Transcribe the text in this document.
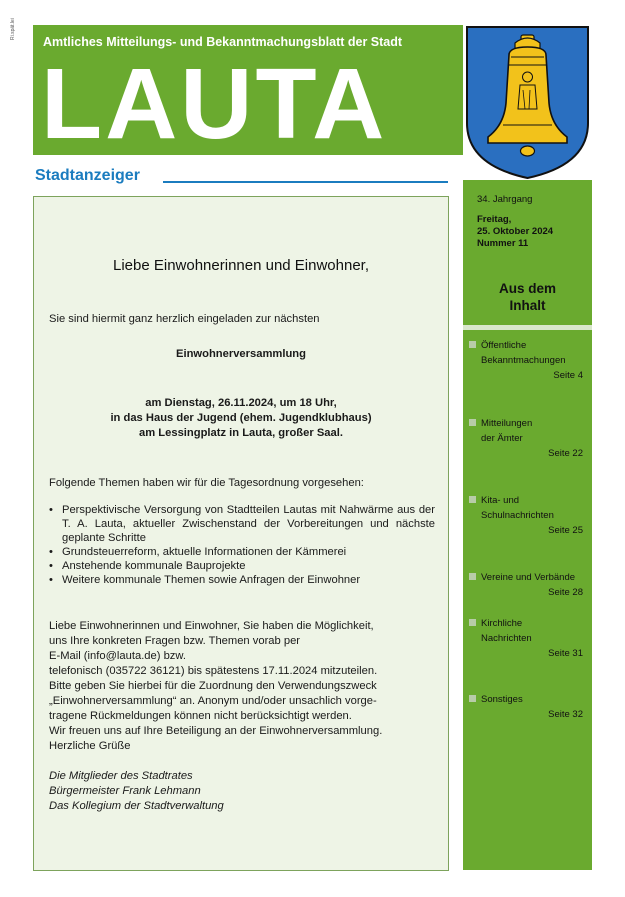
Ri.spät.lei
Amtliches Mitteilungs- und Bekanntmachungsblatt der Stadt
LAUTA
34. Jahrgang
Freitag,
25. Oktober 2024
Nummer 11
Aus dem
Inhalt
Öffentliche
Bekanntmachungen
Seite 4
Mitteilungen
der Ämter
Seite 22
Kita- und
Schulnachrichten
Seite 25
Vereine und Verbände
Seite 28
Kirchliche
Nachrichten
Seite 31
Sonstiges
Seite 32
Stadtanzeiger
Liebe Einwohnerinnen und Einwohner,

Sie sind hiermit ganz herzlich eingeladen zur nächsten

Einwohnerversammlung

am Dienstag, 26.11.2024, um 18 Uhr,

in das Haus der Jugend (ehem. Jugendklubhaus)

am Lessingplatz in Lauta, großer Saal.

Folgende Themen haben wir für die Tagesordnung vorgesehen:

• Perspektivische Versorgung von Stadtteilen Lautas mit Nahwärme aus der T. A. Lauta, aktueller Zwischenstand der Vorbereitungen und nächste geplante Schritte
• Grundsteuerreform, aktuelle Informationen der Kämmerei
• Anstehende kommunale Bauprojekte
• Weitere kommunale Themen sowie Anfragen der Einwohner
Liebe Einwohnerinnen und Einwohner, Sie haben die Möglichkeit,
uns Ihre konkreten Fragen bzw. Themen vorab per
E-Mail (info@lauta.de) bzw.
telefonisch (035722 36121) bis spätestens 17.11.2024 mitzuteilen.
Bitte geben Sie hierbei für die Zuordnung den Verwendungszweck
„Einwohnerversammlung“ an. Anonym und/oder unsachlich vorge-
tragene Rückmeldungen können nicht berücksichtigt werden.
Wir freuen uns auf Ihre Beteiligung an der Einwohnerversammlung.
Herzliche Grüße
Die Mitglieder des Stadtrates
Bürgermeister Frank Lehmann
Das Kollegium der Stadtverwaltung
